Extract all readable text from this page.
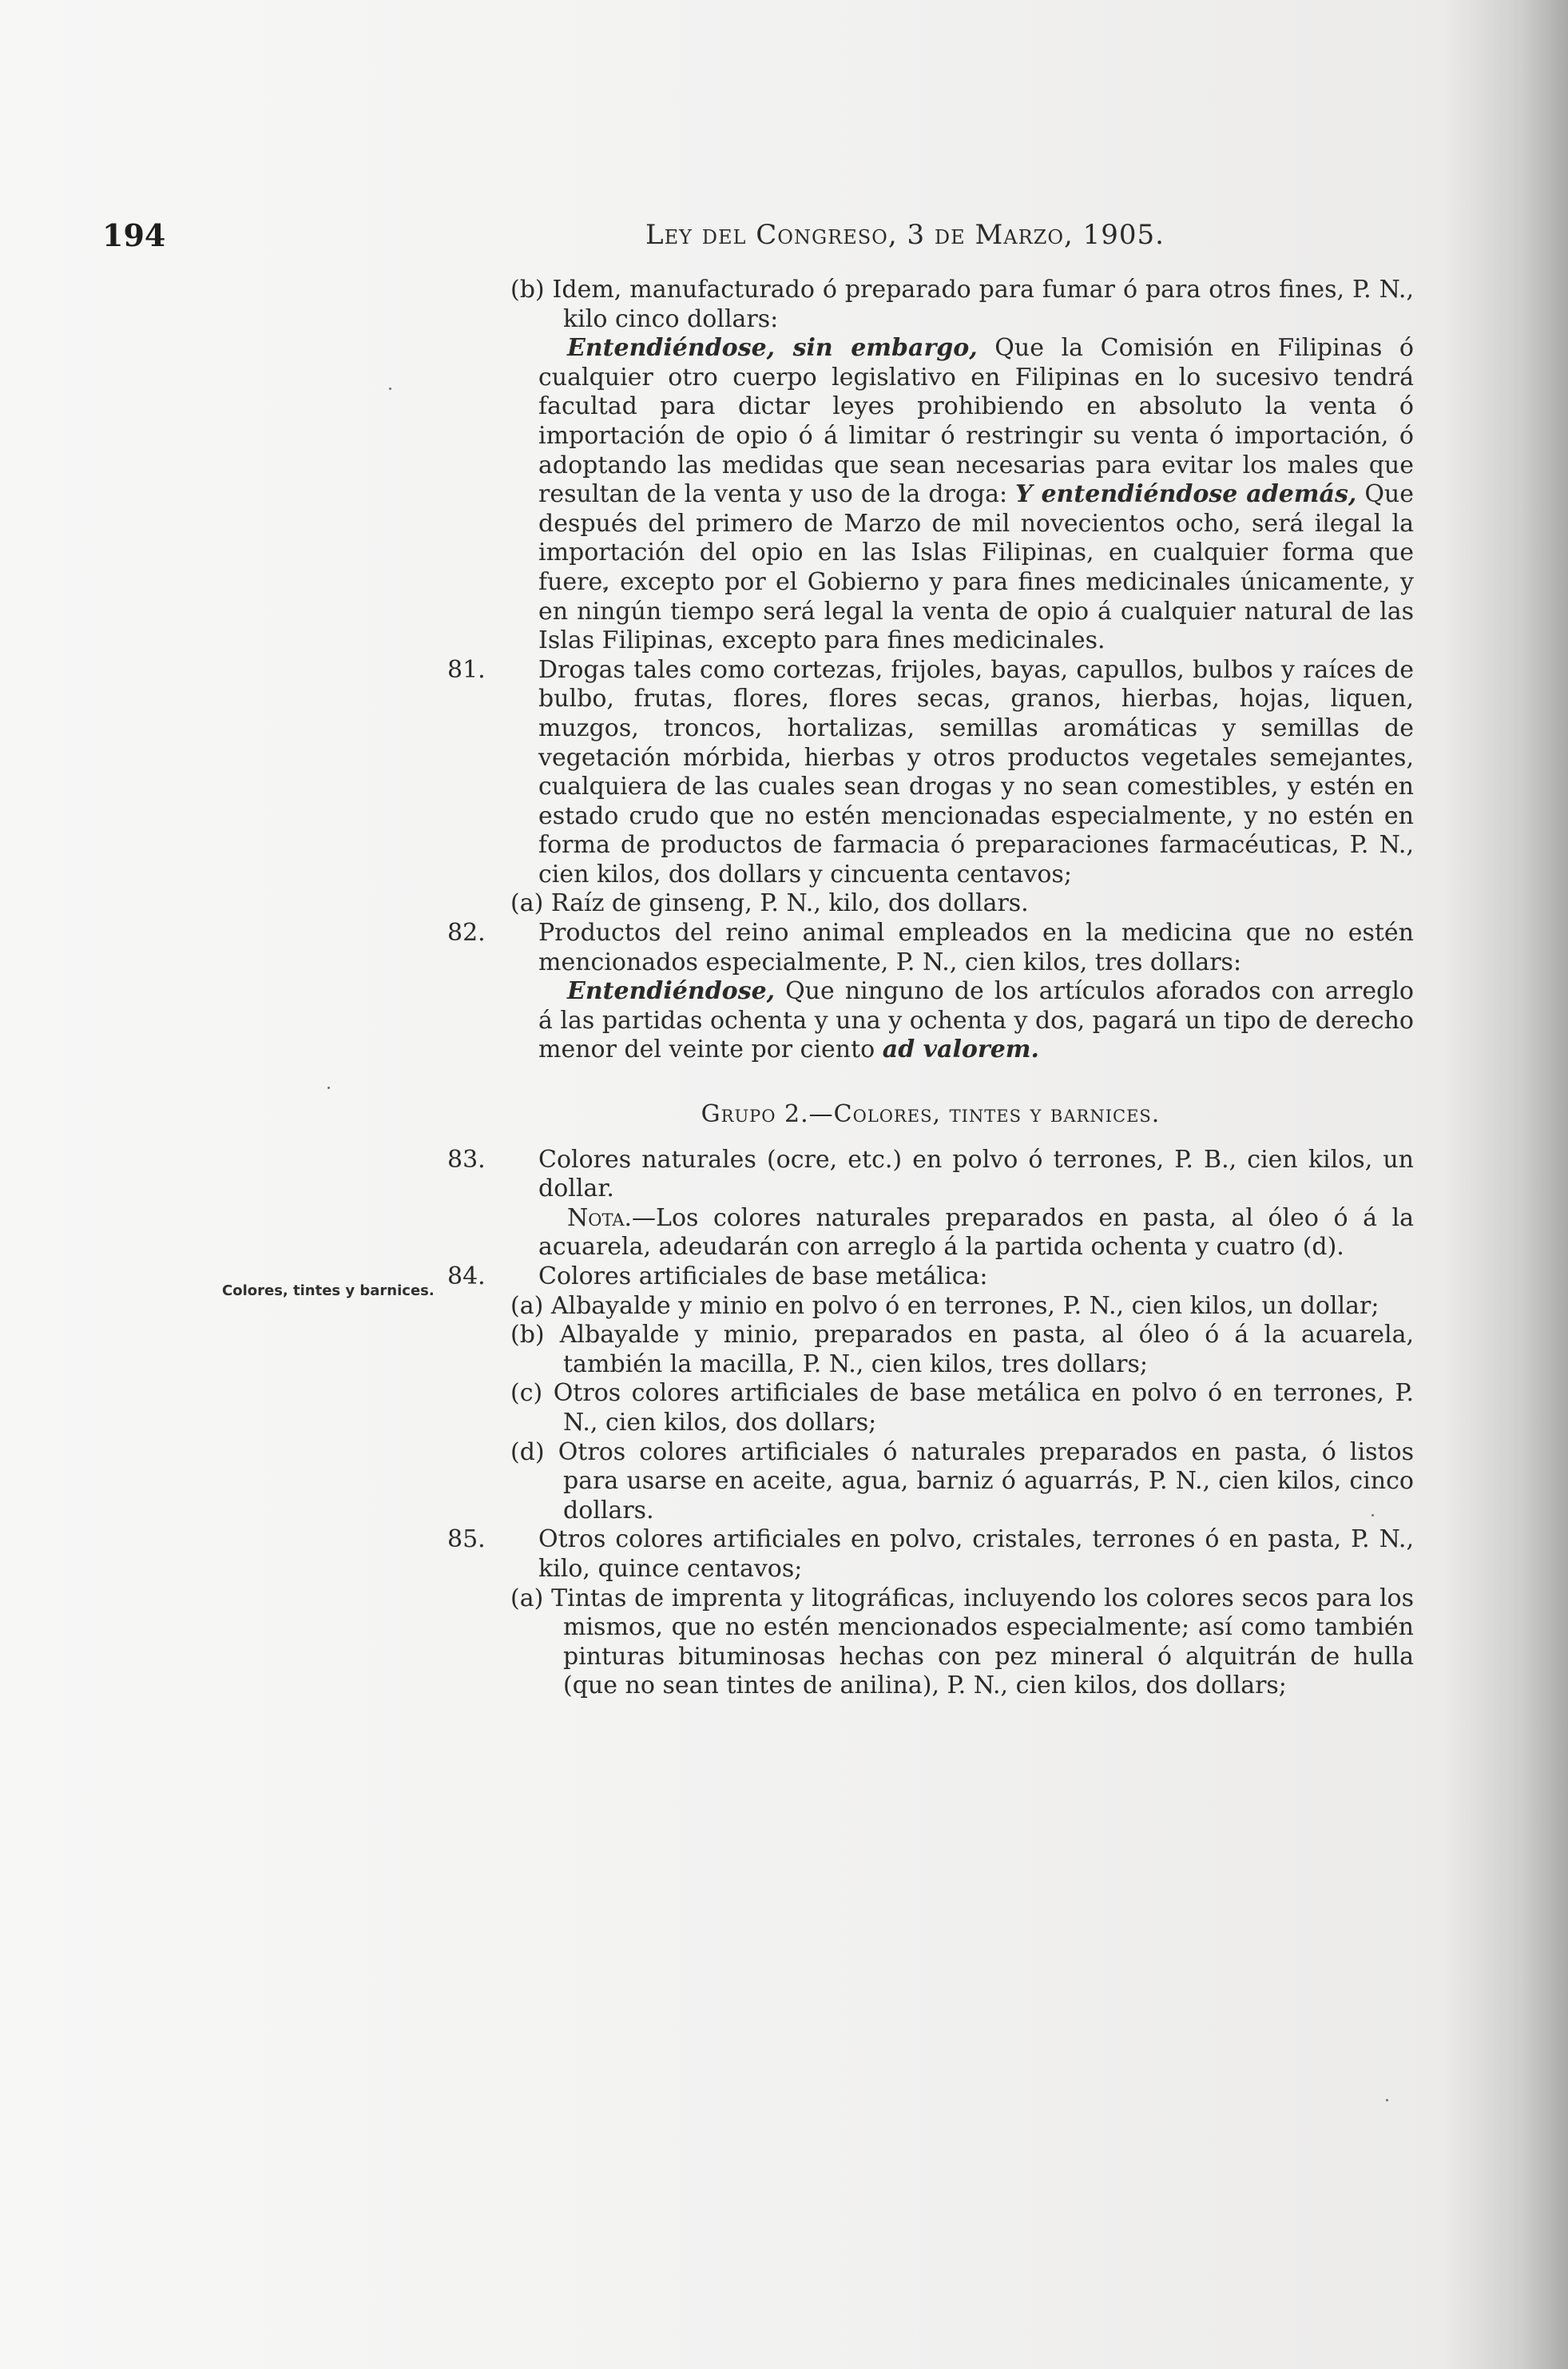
194	Ley del Congreso, 3 de Marzo, 1905.
Colores, tintes y barnices.

(b) Idem, manufacturado ó preparado para fumar ó para otros fines, P. N., kilo cinco dollars:

Entendiéndose, sin embargo, Que la Comisión en Filipinas ó cualquier otro cuerpo legislativo en Filipinas en lo sucesivo tendrá facultad para dictar leyes prohibiendo en absoluto la venta ó importación de opio ó á limitar ó restringir su venta ó importación, ó adoptando las medidas que sean necesarias para evitar los males que resultan de la venta y uso de la droga: Y entendiéndose además, Que después del primero de Marzo de mil novecientos ocho, será ilegal la importación del opio en las Islas Filipinas, en cualquier forma que fuere, excepto por el Gobierno y para fines medicinales únicamente, y en ningún tiempo será legal la venta de opio á cualquier natural de las Islas Filipinas, excepto para fines medicinales.

81. Drogas tales como cortezas, frijoles, bayas, capullos, bulbos y raíces de bulbo, frutas, flores, flores secas, granos, hierbas, hojas, liquen, muzgos, troncos, hortalizas, semillas aromáticas y semillas de vegetación mórbida, hierbas y otros productos vegetales semejantes, cualquiera de las cuales sean drogas y no sean comestibles, y estén en estado crudo que no estén mencionadas especialmente, y no estén en forma de productos de farmacia ó preparaciones farmacéuticas, P. N., cien kilos, dos dollars y cincuenta centavos;

(a) Raíz de ginseng, P. N., kilo, dos dollars.

82. Productos del reino animal empleados en la medicina que no estén mencionados especialmente, P. N., cien kilos, tres dollars:

Entendiéndose, Que ninguno de los artículos aforados con arreglo á las partidas ochenta y una y ochenta y dos, pagará un tipo de derecho menor del veinte por ciento ad valorem.

Grupo 2.—Colores, tintes y barnices.

83. Colores naturales (ocre, etc.) en polvo ó terrones, P. B., cien kilos, un dollar.

Nota.—Los colores naturales preparados en pasta, al óleo ó á la acuarela, adeudarán con arreglo á la partida ochenta y cuatro (d).

84. Colores artificiales de base metálica:

(a) Albayalde y minio en polvo ó en terrones, P. N., cien kilos, un dollar;

(b) Albayalde y minio, preparados en pasta, al óleo ó á la acuarela, también la macilla, P. N., cien kilos, tres dollars;

(c) Otros colores artificiales de base metálica en polvo ó en terrones, P. N., cien kilos, dos dollars;

(d) Otros colores artificiales ó naturales preparados en pasta, ó listos para usarse en aceite, agua, barniz ó aguarrás, P. N., cien kilos, cinco dollars.

85. Otros colores artificiales en polvo, cristales, terrones ó en pasta, P. N., kilo, quince centavos;

(a) Tintas de imprenta y litográficas, incluyendo los colores secos para los mismos, que no estén mencionados especialmente; así como también pinturas bituminosas hechas con pez mineral ó alquitrán de hulla (que no sean tintes de anilina), P. N., cien kilos, dos dollars;
